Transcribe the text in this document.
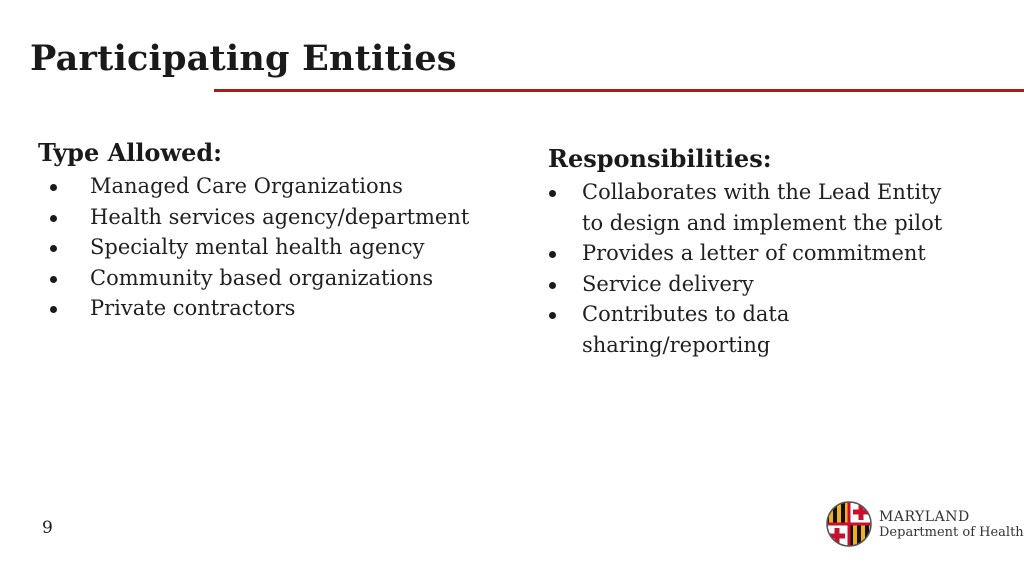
Participating Entities
Type Allowed:
Managed Care Organizations
Health services agency/department
Specialty mental health agency
Community based organizations
Private contractors
Responsibilities:
Collaborates with the Lead Entity to design and implement the pilot
Provides a letter of commitment
Service delivery
Contributes to data sharing/reporting
9
MARYLAND
Department of Health
